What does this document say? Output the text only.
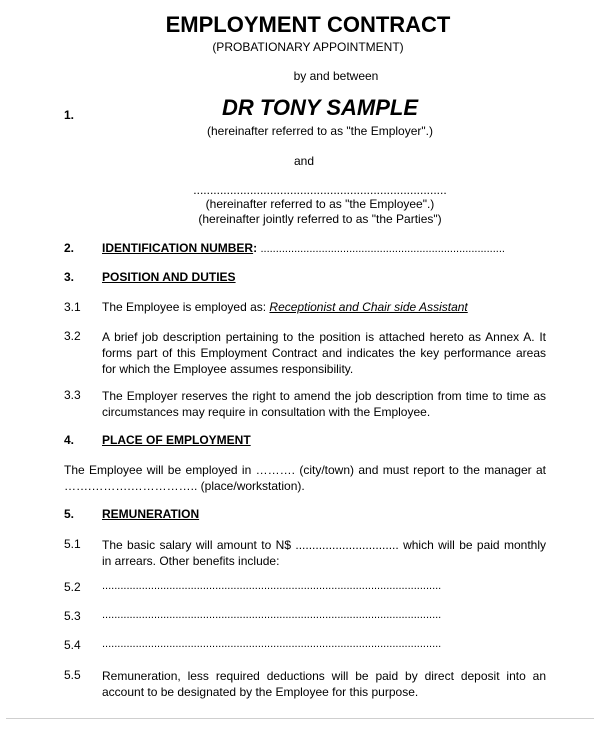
EMPLOYMENT CONTRACT
(PROBATIONARY APPOINTMENT)
by and between
1.	DR TONY SAMPLE
(hereinafter referred to as "the Employer".)
and
............................................................................
(hereinafter referred to as "the Employee".)
(hereinafter jointly referred to as "the Parties")
2. IDENTIFICATION NUMBER: ................................................................................
3. POSITION AND DUTIES
3.1 The Employee is employed as: Receptionist and Chair side Assistant
3.2 A brief job description pertaining to the position is attached hereto as Annex A. It forms part of this Employment Contract and indicates the key performance areas for which the Employee assumes responsibility.
3.3 The Employer reserves the right to amend the job description from time to time as circumstances may require in consultation with the Employee.
4. PLACE OF EMPLOYMENT
The Employee will be employed in ………. (city/town) and must report to the manager at …….……….…………….. (place/workstation).
5. REMUNERATION
5.1 The basic salary will amount to N$ ............................... which will be paid monthly in arrears. Other benefits include:
5.2 ...............................................................................................................
5.3 ...............................................................................................................
5.4 ...............................................................................................................
5.5 Remuneration, less required deductions will be paid by direct deposit into an account to be designated by the Employee for this purpose.
